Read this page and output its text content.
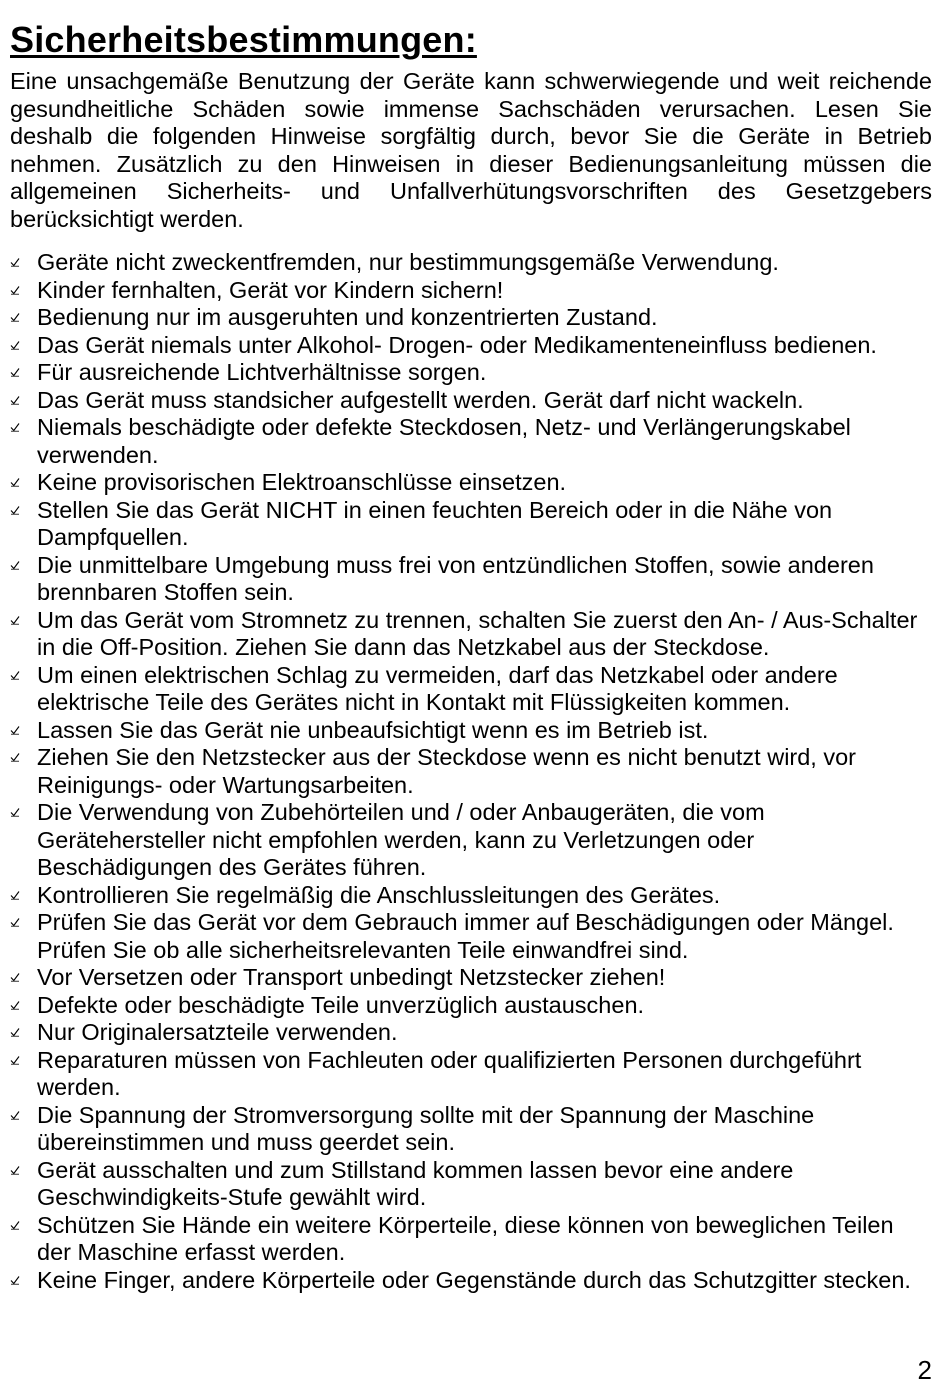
Sicherheitsbestimmungen:

Eine unsachgemäße Benutzung der Geräte kann schwerwiegende und weit reichende gesundheitliche Schäden sowie immense Sachschäden verursachen. Lesen Sie deshalb die folgenden Hinweise sorgfältig durch, bevor Sie die Geräte in Betrieb nehmen. Zusätzlich zu den Hinweisen in dieser Bedienungsanleitung müssen die allgemeinen Sicherheits- und Unfallverhütungsvorschriften des Gesetzgebers berücksichtigt werden.

Geräte nicht zweckentfremden, nur bestimmungsgemäße Verwendung.
Kinder fernhalten, Gerät vor Kindern sichern!
Bedienung nur im ausgeruhten und konzentrierten Zustand.
Das Gerät niemals unter Alkohol- Drogen- oder Medikamenteneinfluss bedienen.
Für ausreichende Lichtverhältnisse sorgen.
Das Gerät muss standsicher aufgestellt werden. Gerät darf nicht wackeln.
Niemals beschädigte oder defekte Steckdosen, Netz- und Verlängerungskabel verwenden.
Keine provisorischen Elektroanschlüsse einsetzen.
Stellen Sie das Gerät NICHT in einen feuchten Bereich oder in die Nähe von Dampfquellen.
Die unmittelbare Umgebung muss frei von entzündlichen Stoffen, sowie anderen brennbaren Stoffen sein.
Um das Gerät vom Stromnetz zu trennen, schalten Sie zuerst den An- / Aus-Schalter in die Off-Position. Ziehen Sie dann das Netzkabel aus der Steckdose.
Um einen elektrischen Schlag zu vermeiden, darf das Netzkabel oder andere elektrische Teile des Gerätes nicht in Kontakt mit Flüssigkeiten kommen.
Lassen Sie das Gerät nie unbeaufsichtigt wenn es im Betrieb ist.
Ziehen Sie den Netzstecker aus der Steckdose wenn es nicht benutzt wird, vor Reinigungs- oder Wartungsarbeiten.
Die Verwendung von Zubehörteilen und / oder Anbaugeräten, die vom Gerätehersteller nicht empfohlen werden, kann zu Verletzungen oder Beschädigungen des Gerätes führen.
Kontrollieren Sie regelmäßig die Anschlussleitungen des Gerätes.
Prüfen Sie das Gerät vor dem Gebrauch immer auf Beschädigungen oder Mängel. Prüfen Sie ob alle sicherheitsrelevanten Teile einwandfrei sind.
Vor Versetzen oder Transport unbedingt Netzstecker ziehen!
Defekte oder beschädigte Teile unverzüglich austauschen.
Nur Originalersatzteile verwenden.
Reparaturen müssen von Fachleuten oder qualifizierten Personen durchgeführt werden.
Die Spannung der Stromversorgung sollte mit der Spannung der Maschine übereinstimmen und muss geerdet sein.
Gerät ausschalten und zum Stillstand kommen lassen bevor eine andere Geschwindigkeits-Stufe gewählt wird.
Schützen Sie Hände ein weitere Körperteile, diese können von beweglichen Teilen der Maschine erfasst werden.
Keine Finger, andere Körperteile oder Gegenstände durch das Schutzgitter stecken.
2
